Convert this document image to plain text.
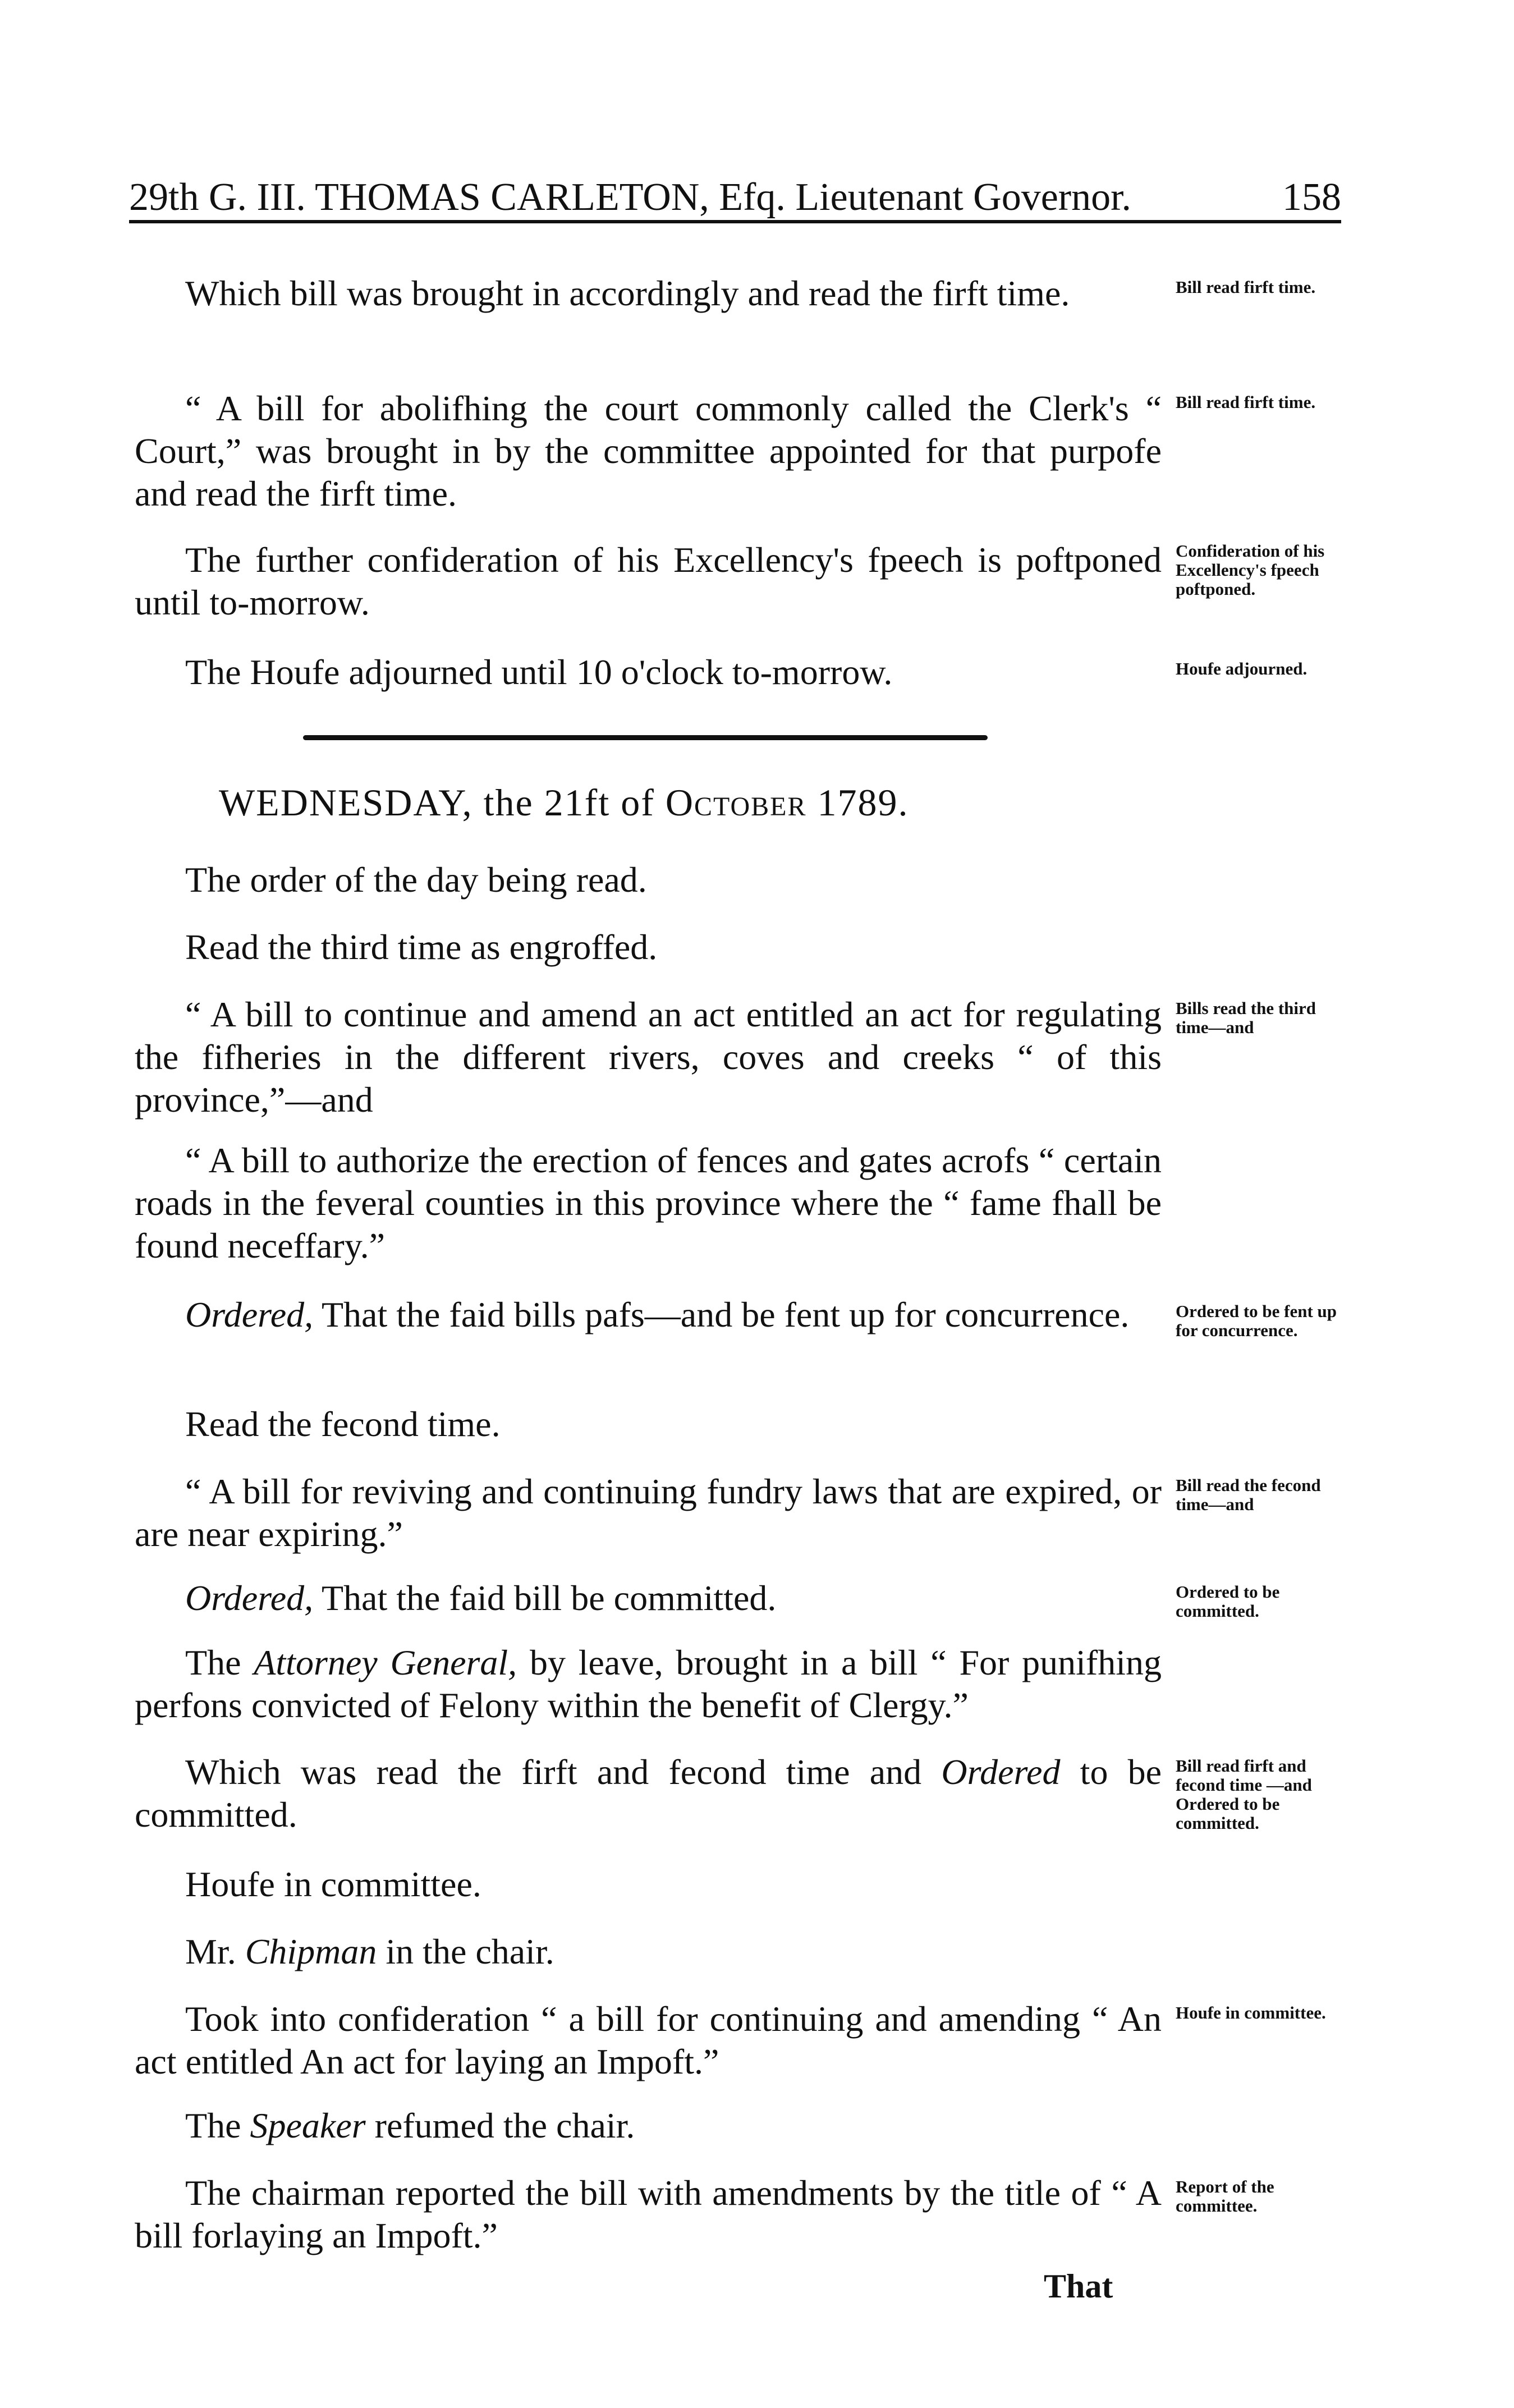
29th G. III. THOMAS CARLETON, Efq. Lieutenant Governor.	158

Which bill was brought in accordingly and read the firft time.

“ A bill for abolifhing the court commonly called the Clerk's “ Court,” was brought in by the committee appointed for that purpofe and read the firft time.

The further confideration of his Excellency's fpeech is poftponed until to-morrow.

The Houfe adjourned until 10 o'clock to-morrow.

WEDNESDAY, the 21ft of October 1789.

The order of the day being read.

Read the third time as engroffed.

“ A bill to continue and amend an act entitled an act for regulating the fifheries in the different rivers, coves and creeks “ of this province,”—and

“ A bill to authorize the erection of fences and gates acrofs “ certain roads in the feveral counties in this province where the “ fame fhall be found neceffary.”

Ordered, That the faid bills pafs—and be fent up for concurrence.

Read the fecond time.

“ A bill for reviving and continuing fundry laws that are expired, or are near expiring.”

Ordered, That the faid bill be committed.

The Attorney General, by leave, brought in a bill “ For punifhing perfons convicted of Felony within the benefit of Clergy.”

Which was read the firft and fecond time and Ordered to be committed.

Houfe in committee.

Mr. Chipman in the chair.

Took into confideration “ a bill for continuing and amending “ An act entitled An act for laying an Impoft.”

The Speaker refumed the chair.

The chairman reported the bill with amendments by the title of “ A bill forlaying an Impoft.”

Bill read firft time.
Bill read firft time.
Confideration of his Excellency's fpeech poftponed.
Houfe adjourned.
Bills read the third time—and
Ordered to be fent up for concurrence.
Bill read the fecond time—and
Ordered to be committed.
Bill read firft and fecond time —and Ordered to be committed.
Houfe in committee.
Report of the committee.
That
